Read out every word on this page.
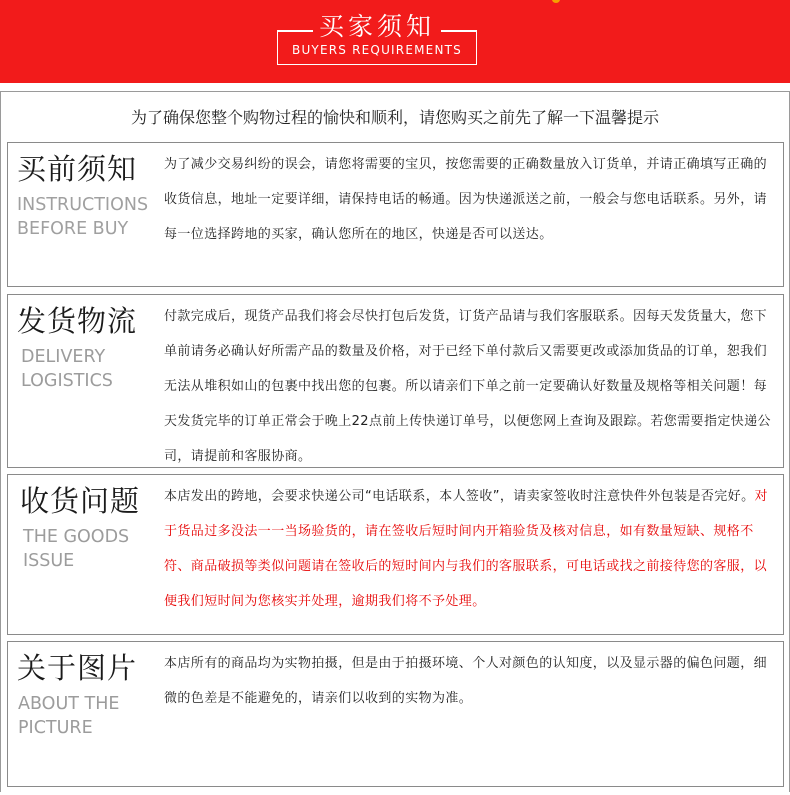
买家须知
BUYERS REQUIREMENTS
为了确保您整个购物过程的愉快和顺利，请您购买之前先了解一下温馨提示
买前须知
INSTRUCTIONS
BEFORE BUY
为了减少交易纠纷的误会，请您将需要的宝贝，按您需要的正确数量放入订货单，并请正确填写正确的收货信息，地址一定要详细，请保持电话的畅通。因为快递派送之前，一般会与您电话联系。另外，请每一位选择跨地的买家，确认您所在的地区，快递是否可以送达。
发货物流
DELIVERY
LOGISTICS
付款完成后，现货产品我们将会尽快打包后发货，订货产品请与我们客服联系。因每天发货量大，您下单前请务必确认好所需产品的数量及价格，对于已经下单付款后又需要更改或添加货品的订单，恕我们无法从堆积如山的包裹中找出您的包裹。所以请亲们下单之前一定要确认好数量及规格等相关问题！每天发货完毕的订单正常会于晚上22点前上传快递订单号，以便您网上查询及跟踪。若您需要指定快递公司，请提前和客服协商。
收货问题
THE GOODS
ISSUE
本店发出的跨地，会要求快递公司“电话联系，本人签收”，请卖家签收时注意快件外包装是否完好。对于货品过多没法一一当场验货的，请在签收后短时间内开箱验货及核对信息，如有数量短缺、规格不符、商品破损等类似问题请在签收后的短时间内与我们的客服联系，可电话或找之前接待您的客服，以便我们短时间为您核实并处理，逾期我们将不予处理。
关于图片
ABOUT THE
PICTURE
本店所有的商品均为实物拍摄，但是由于拍摄环境、个人对颜色的认知度，以及显示器的偏色问题，细微的色差是不能避免的，请亲们以收到的实物为准。
